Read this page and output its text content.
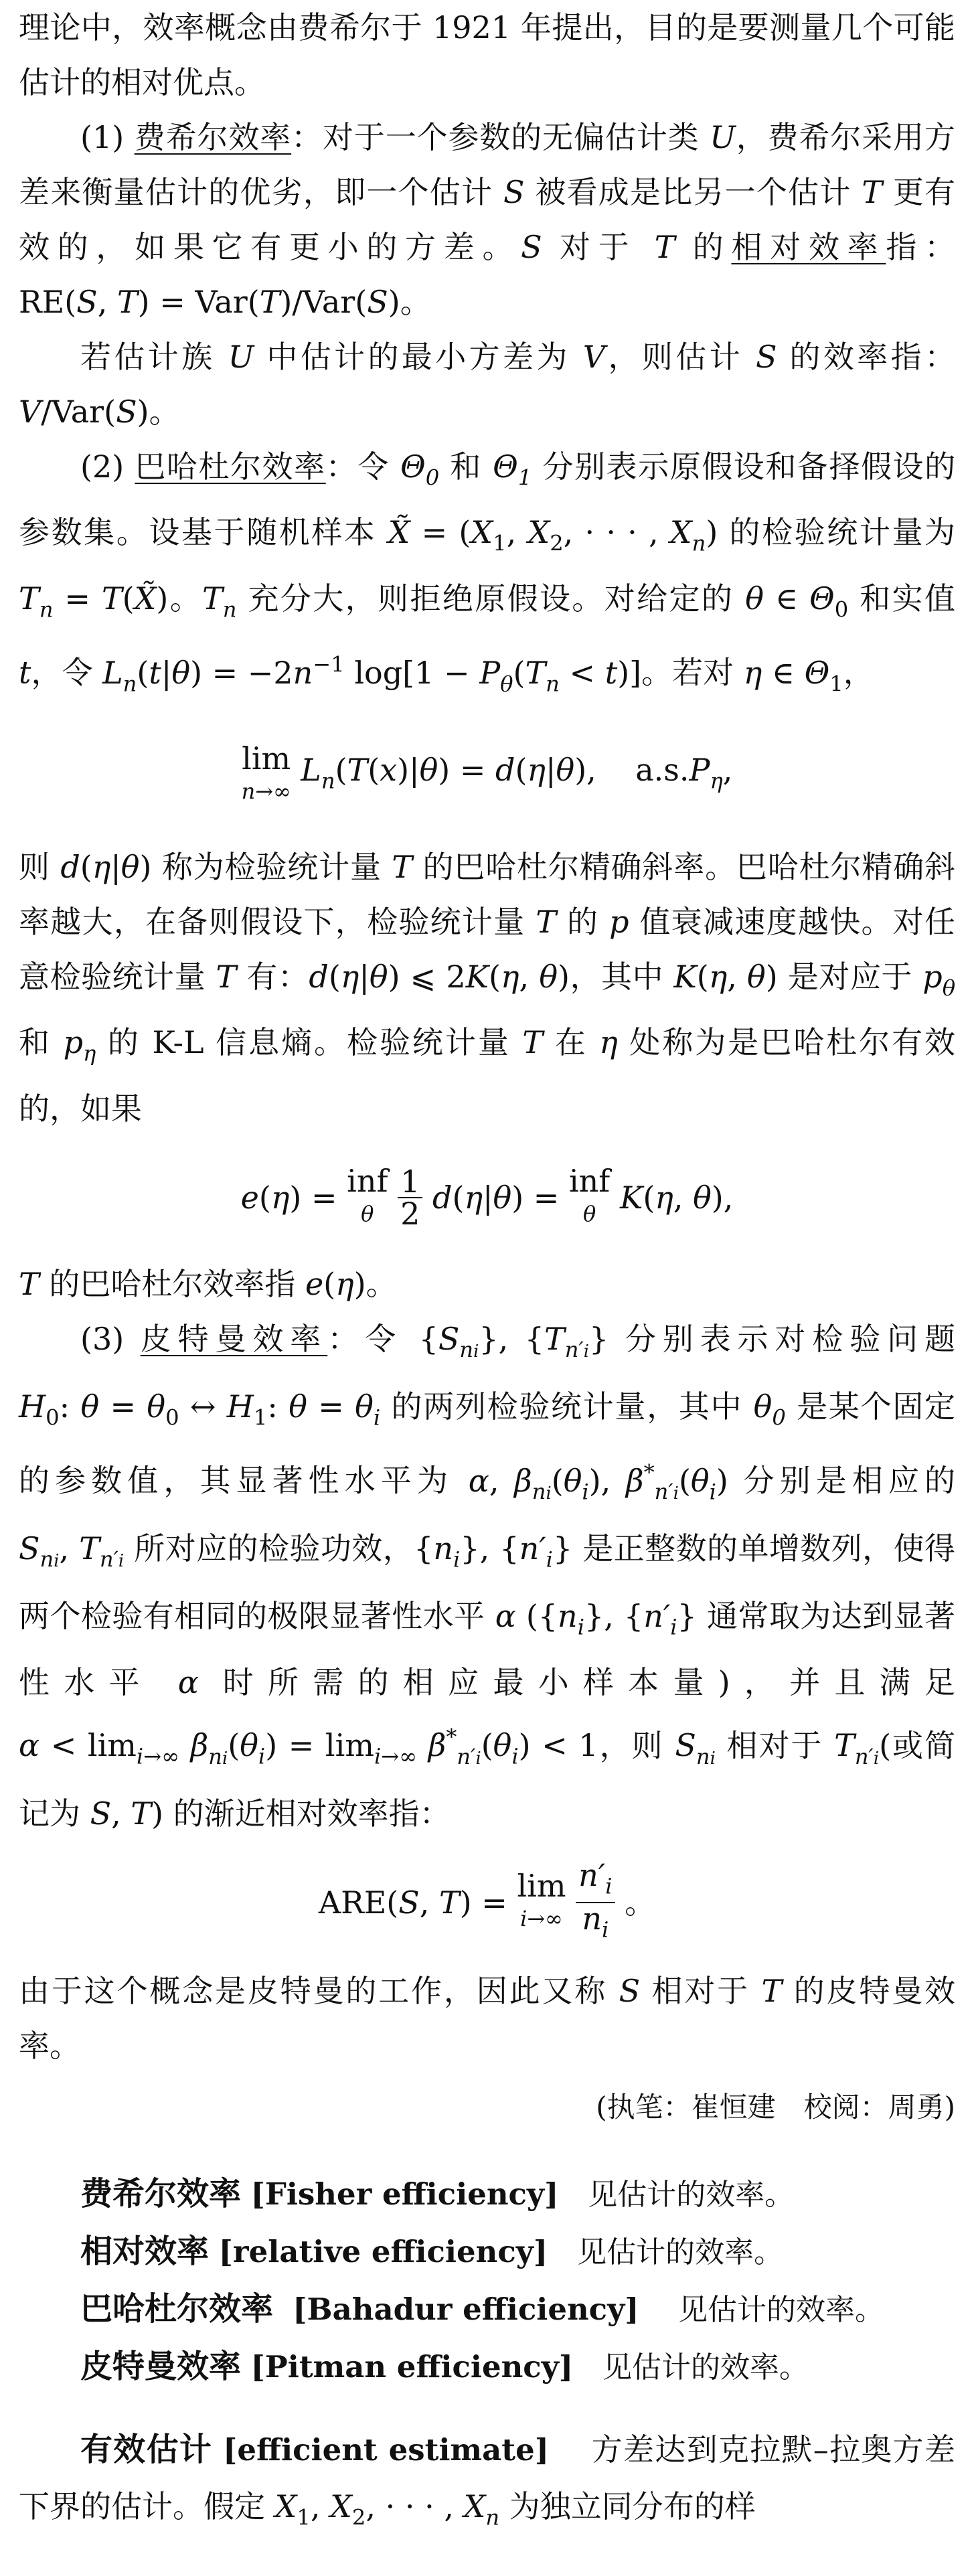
理论中，效率概念由费希尔于 1921 年提出，目的是要测量几个可能估计的相对优点。

(1) 费希尔效率：对于一个参数的无偏估计类 U，费希尔采用方差来衡量估计的优劣，即一个估计 S 被看成是比另一个估计 T 更有效的，如果它有更小的方差。S 对于 T 的相对效率指：RE(S, T) = Var(T)/Var(S)。

若估计族 U 中估计的最小方差为 V，则估计 S 的效率指：V/Var(S)。

(2) 巴哈杜尔效率：令 $\Theta_0$ 和 $\Theta_1$ 分别表示原假设和备择假设的参数集。设基于随机样本 X̃ = ($X_1$, $X_2$, · · · , $X_n$) 的检验统计量为 $T_n$ = T(X̃)。$T_n$ 充分大，则拒绝原假设。对给定的 θ ∈ $\Theta_0$ 和实值 t，令 $L_n(t|\theta) = -2n^{-1}$ $\log[1 - P_\theta(T_n < t)]$。若对 η ∈ $\Theta_1$，

lim
n→∞ $L_n(T(x)|\theta) = d(\eta|\theta)$,    $a.s.P_\eta$,

则 d(η|θ) 称为检验统计量 T 的巴哈杜尔精确斜率。巴哈杜尔精确斜率越大，在备则假设下，检验统计量 T 的 p 值衰减速度越快。对任意检验统计量 T 有：d(η|θ) ⩽ 2K(η, θ)，其中 K(η, θ) 是对应于 $p_\theta$ 和 $p_\eta$ 的 K-L 信息熵。检验统计量 T 在 η 处称为是巴哈杜尔有效的，如果

e(η) = inf
θ $\frac{1}{2} d(\eta|\theta)$ = inf
θ K(η, θ),

T 的巴哈杜尔效率指 e(η)。

(3) 皮特曼效率：令 $\{S_{ni}\}$, $\{T_{n'i}\}$ 分别表示对检验问题 $H_0$: $\theta = \theta_0$ ↔ $H_1$: $\theta = \theta_i$ 的两列检验统计量，其中 $\theta_0$ 是某个固定的参数值，其显著性水平为 α, $\beta_{ni}(\theta_i)$, $\beta^*_{n'i}(\theta_i)$ 分别是相应的 $S_{ni}$, $T_{n'i}$ 所对应的检验功效，$\{n_i\}$, $\{n'_i\}$ 是正整数的单增数列，使得两个检验有相同的极限显著性水平 α ($\{n_i\}$, $\{n'_i\}$ 通常取为达到显著性水平 α 时所需的相应最小样本量)，并且满足 $\alpha < \lim_{i\to\infty} \beta_{ni}(\theta_i) = \lim_{i\to\infty} \beta^*_{n'i}(\theta_i) < 1$，则 $S_{ni}$ 相对于 $T_{n'i}$(或简记为 S, T) 的渐近相对效率指：

ARE(S, T) = lim
$i\to\infty \frac{n'_i}{n_i}$ 。

由于这个概念是皮特曼的工作，因此又称 S 相对于 T 的皮特曼效率。

(执笔：崔恒建　校阅：周勇)

费希尔效率 [Fisher efficiency] 见估计的效率。

相对效率 [relative efficiency] 见估计的效率。

巴哈杜尔效率 [Bahadur efficiency] 见估计的效率。

皮特曼效率 [Pitman efficiency] 见估计的效率。

有效估计 [efficient estimate] 方差达到克拉默–拉奥方差下界的估计。假定 $X_1$, $X_2$, · · · , $X_n$ 为独立同分布的样
